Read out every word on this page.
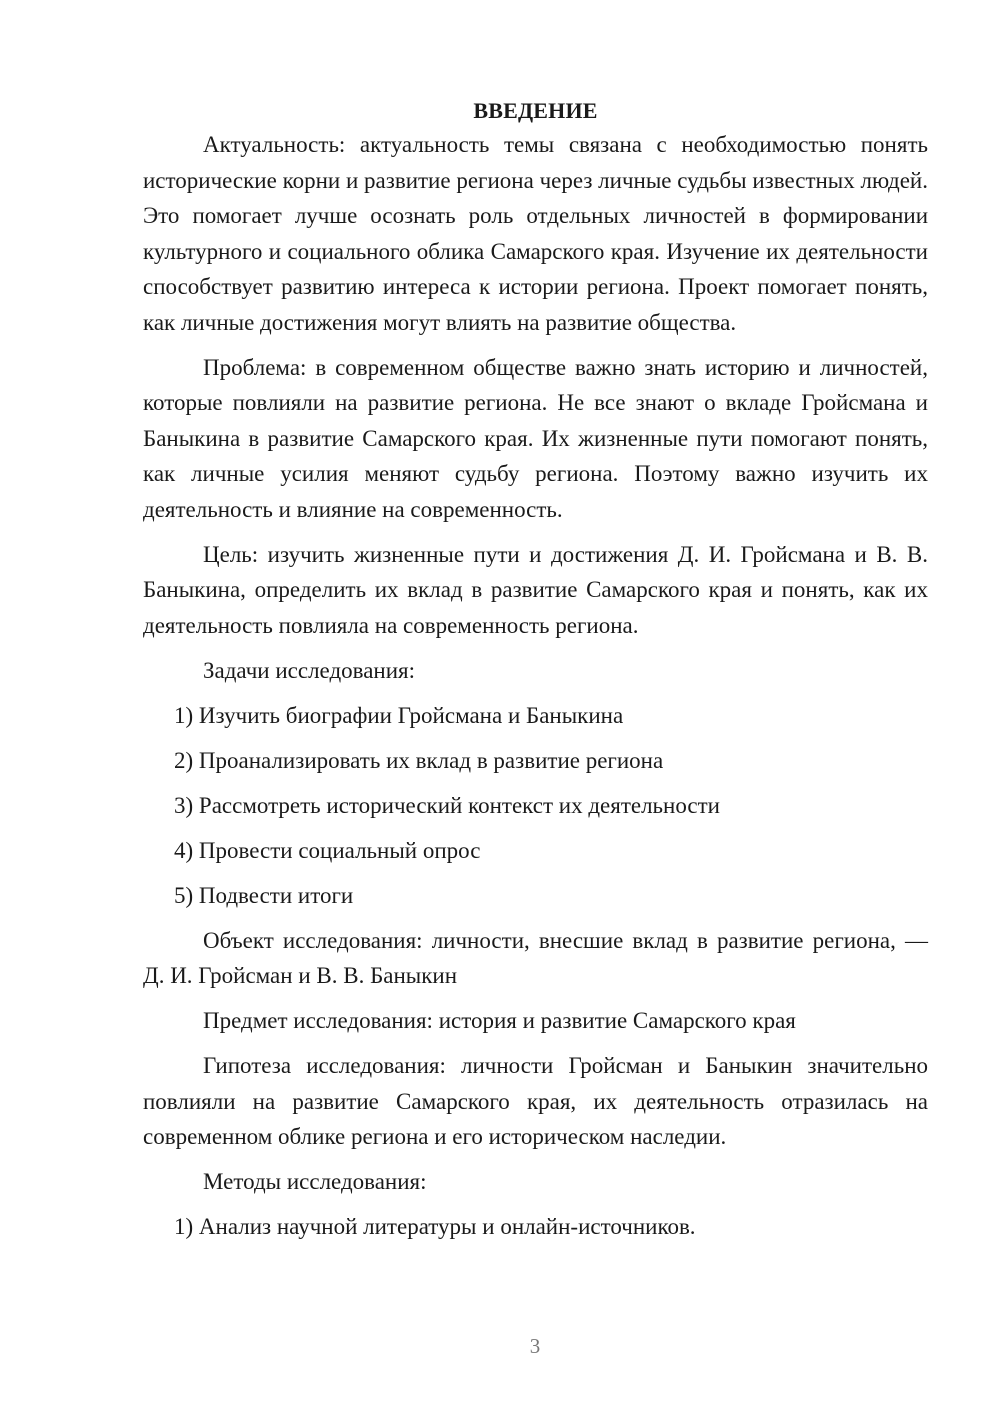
ВВЕДЕНИЕ

Актуальность: актуальность темы связана с необходимостью понять исторические корни и развитие региона через личные судьбы известных людей. Это помогает лучше осознать роль отдельных личностей в формировании культурного и социального облика Самарского края. Изучение их деятельности способствует развитию интереса к истории региона. Проект помогает понять, как личные достижения могут влиять на развитие общества.

Проблема: в современном обществе важно знать историю и личностей, которые повлияли на развитие региона. Не все знают о вкладе Гройсмана и Баныкина в развитие Самарского края. Их жизненные пути помогают понять, как личные усилия меняют судьбу региона. Поэтому важно изучить их деятельность и влияние на современность.

Цель: изучить жизненные пути и достижения Д. И. Гройсмана и В. В. Баныкина, определить их вклад в развитие Самарского края и понять, как их деятельность повлияла на современность региона.

Задачи исследования:

1) Изучить биографии Гройсмана и Баныкина

2) Проанализировать их вклад в развитие региона

3) Рассмотреть исторический контекст их деятельности

4) Провести социальный опрос

5) Подвести итоги

Объект исследования: личности, внесшие вклад в развитие региона, — Д. И. Гройсман и В. В. Баныкин

Предмет исследования: история и развитие Самарского края

Гипотеза исследования: личности Гройсман и Баныкин значительно повлияли на развитие Самарского края, их деятельность отразилась на современном облике региона и его историческом наследии.

Методы исследования:

1) Анализ научной литературы и онлайн-источников.

3
